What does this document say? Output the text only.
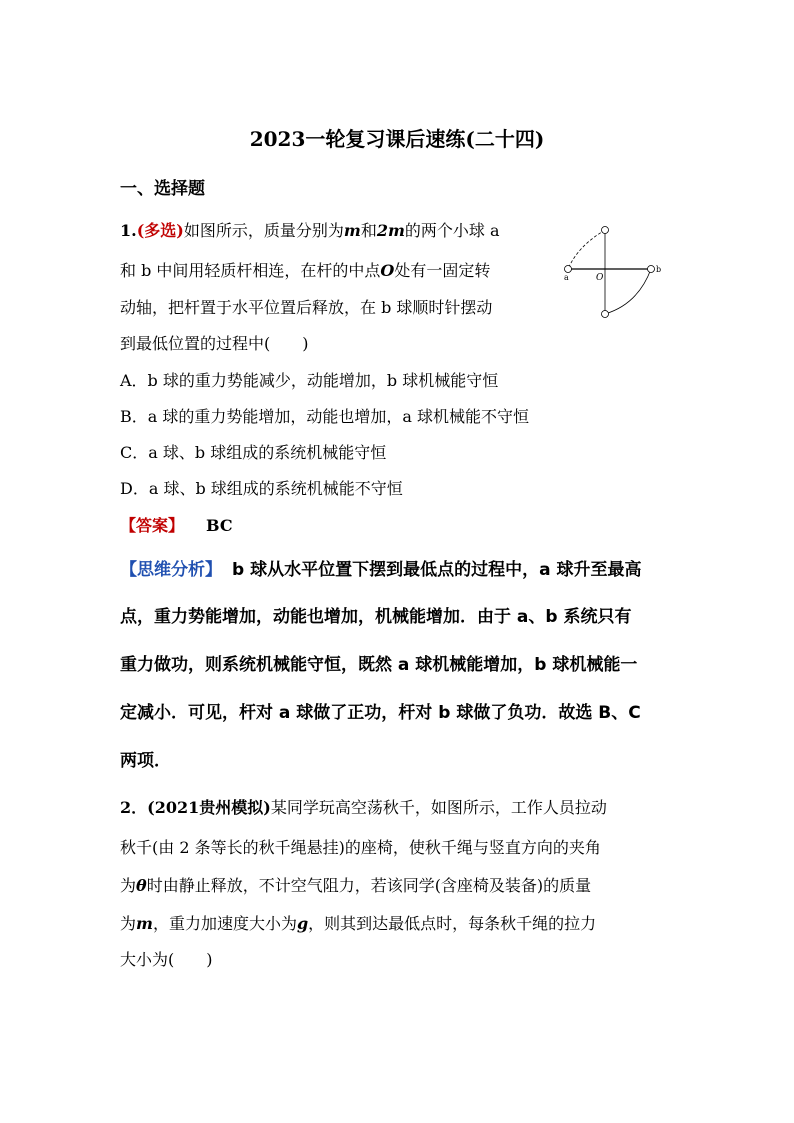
2023一轮复习课后速练(二十四)
一、选择题
1.(多选)如图所示，质量分别为m和2m的两个小球 a
和 b 中间用轻质杆相连，在杆的中点O处有一固定转
动轴，把杆置于水平位置后释放，在 b 球顺时针摆动
到最低位置的过程中(　　)
A．b 球的重力势能减少，动能增加，b 球机械能守恒
B．a 球的重力势能增加，动能也增加，a 球机械能不守恒
C．a 球、b 球组成的系统机械能守恒
D．a 球、b 球组成的系统机械能不守恒
【答案】 BC
【思维分析】 b 球从水平位置下摆到最低点的过程中，a 球升至最高
点，重力势能增加，动能也增加，机械能增加．由于 a、b 系统只有
重力做功，则系统机械能守恒，既然 a 球机械能增加，b 球机械能一
定减小．可见，杆对 a 球做了正功，杆对 b 球做了负功．故选 B、C
两项．
a
b
O
2．(2021贵州模拟)某同学玩高空荡秋千，如图所示，工作人员拉动
秋千(由 2 条等长的秋千绳悬挂)的座椅，使秋千绳与竖直方向的夹角
为θ时由静止释放，不计空气阻力，若该同学(含座椅及装备)的质量
为m，重力加速度大小为g，则其到达最低点时，每条秋千绳的拉力
大小为(　　)
